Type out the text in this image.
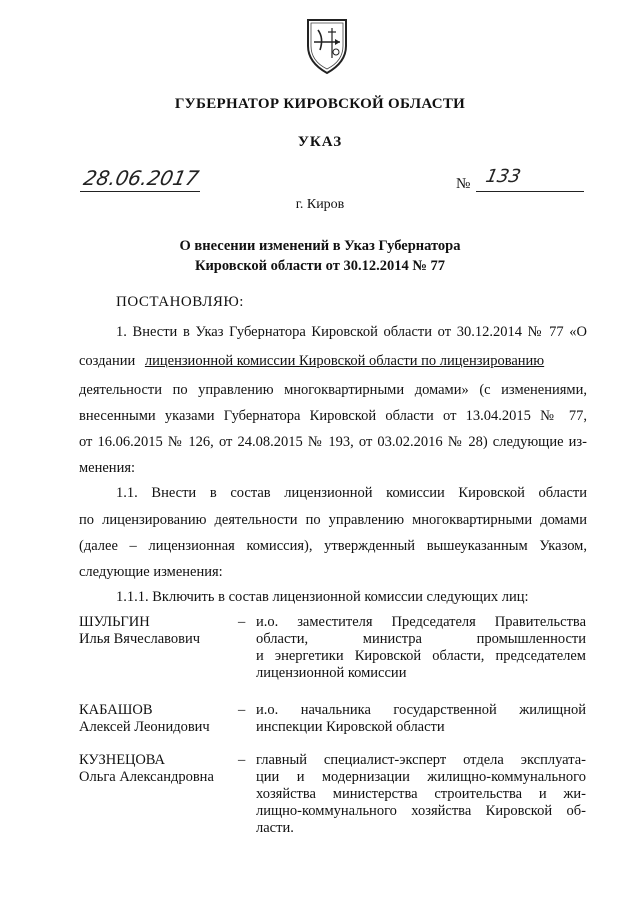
ГУБЕРНАТОР КИРОВСКОЙ ОБЛАСТИ
УКАЗ
28.06.2017	№ 133
г. Киров
О внесении изменений в Указ Губернатора
Кировской области от 30.12.2014 № 77
ПОСТАНОВЛЯЮ:
1. Внести в Указ Губернатора Кировской области от 30.12.2014 № 77 «О
создании лицензионной комиссии Кировской области по лицензированию
деятельности по управлению многоквартирными домами» (с изменениями,
внесенными указами Губернатора Кировской области от 13.04.2015 № 77,
от 16.06.2015 № 126, от 24.08.2015 № 193, от 03.02.2016 № 28) следующие из-
менения:
1.1. Внести в состав лицензионной комиссии Кировской области
по лицензированию деятельности по управлению многоквартирными домами
(далее – лицензионная комиссия), утвержденный вышеуказанным Указом,
следующие изменения:
1.1.1. Включить в состав лицензионной комиссии следующих лиц:
ШУЛЬГИН
Илья Вячеславович
– и.о. заместителя Председателя Правительства
области, министра промышленности
и энергетики Кировской области, председателем
лицензионной комиссии
КАБАШОВ
Алексей Леонидович
– и.о. начальника государственной жилищной
инспекции Кировской области
КУЗНЕЦОВА
Ольга Александровна
– главный специалист-эксперт отдела эксплуата-
ции и модернизации жилищно-коммунального
хозяйства министерства строительства и жи-
лищно-коммунального хозяйства Кировской об-
ласти.
